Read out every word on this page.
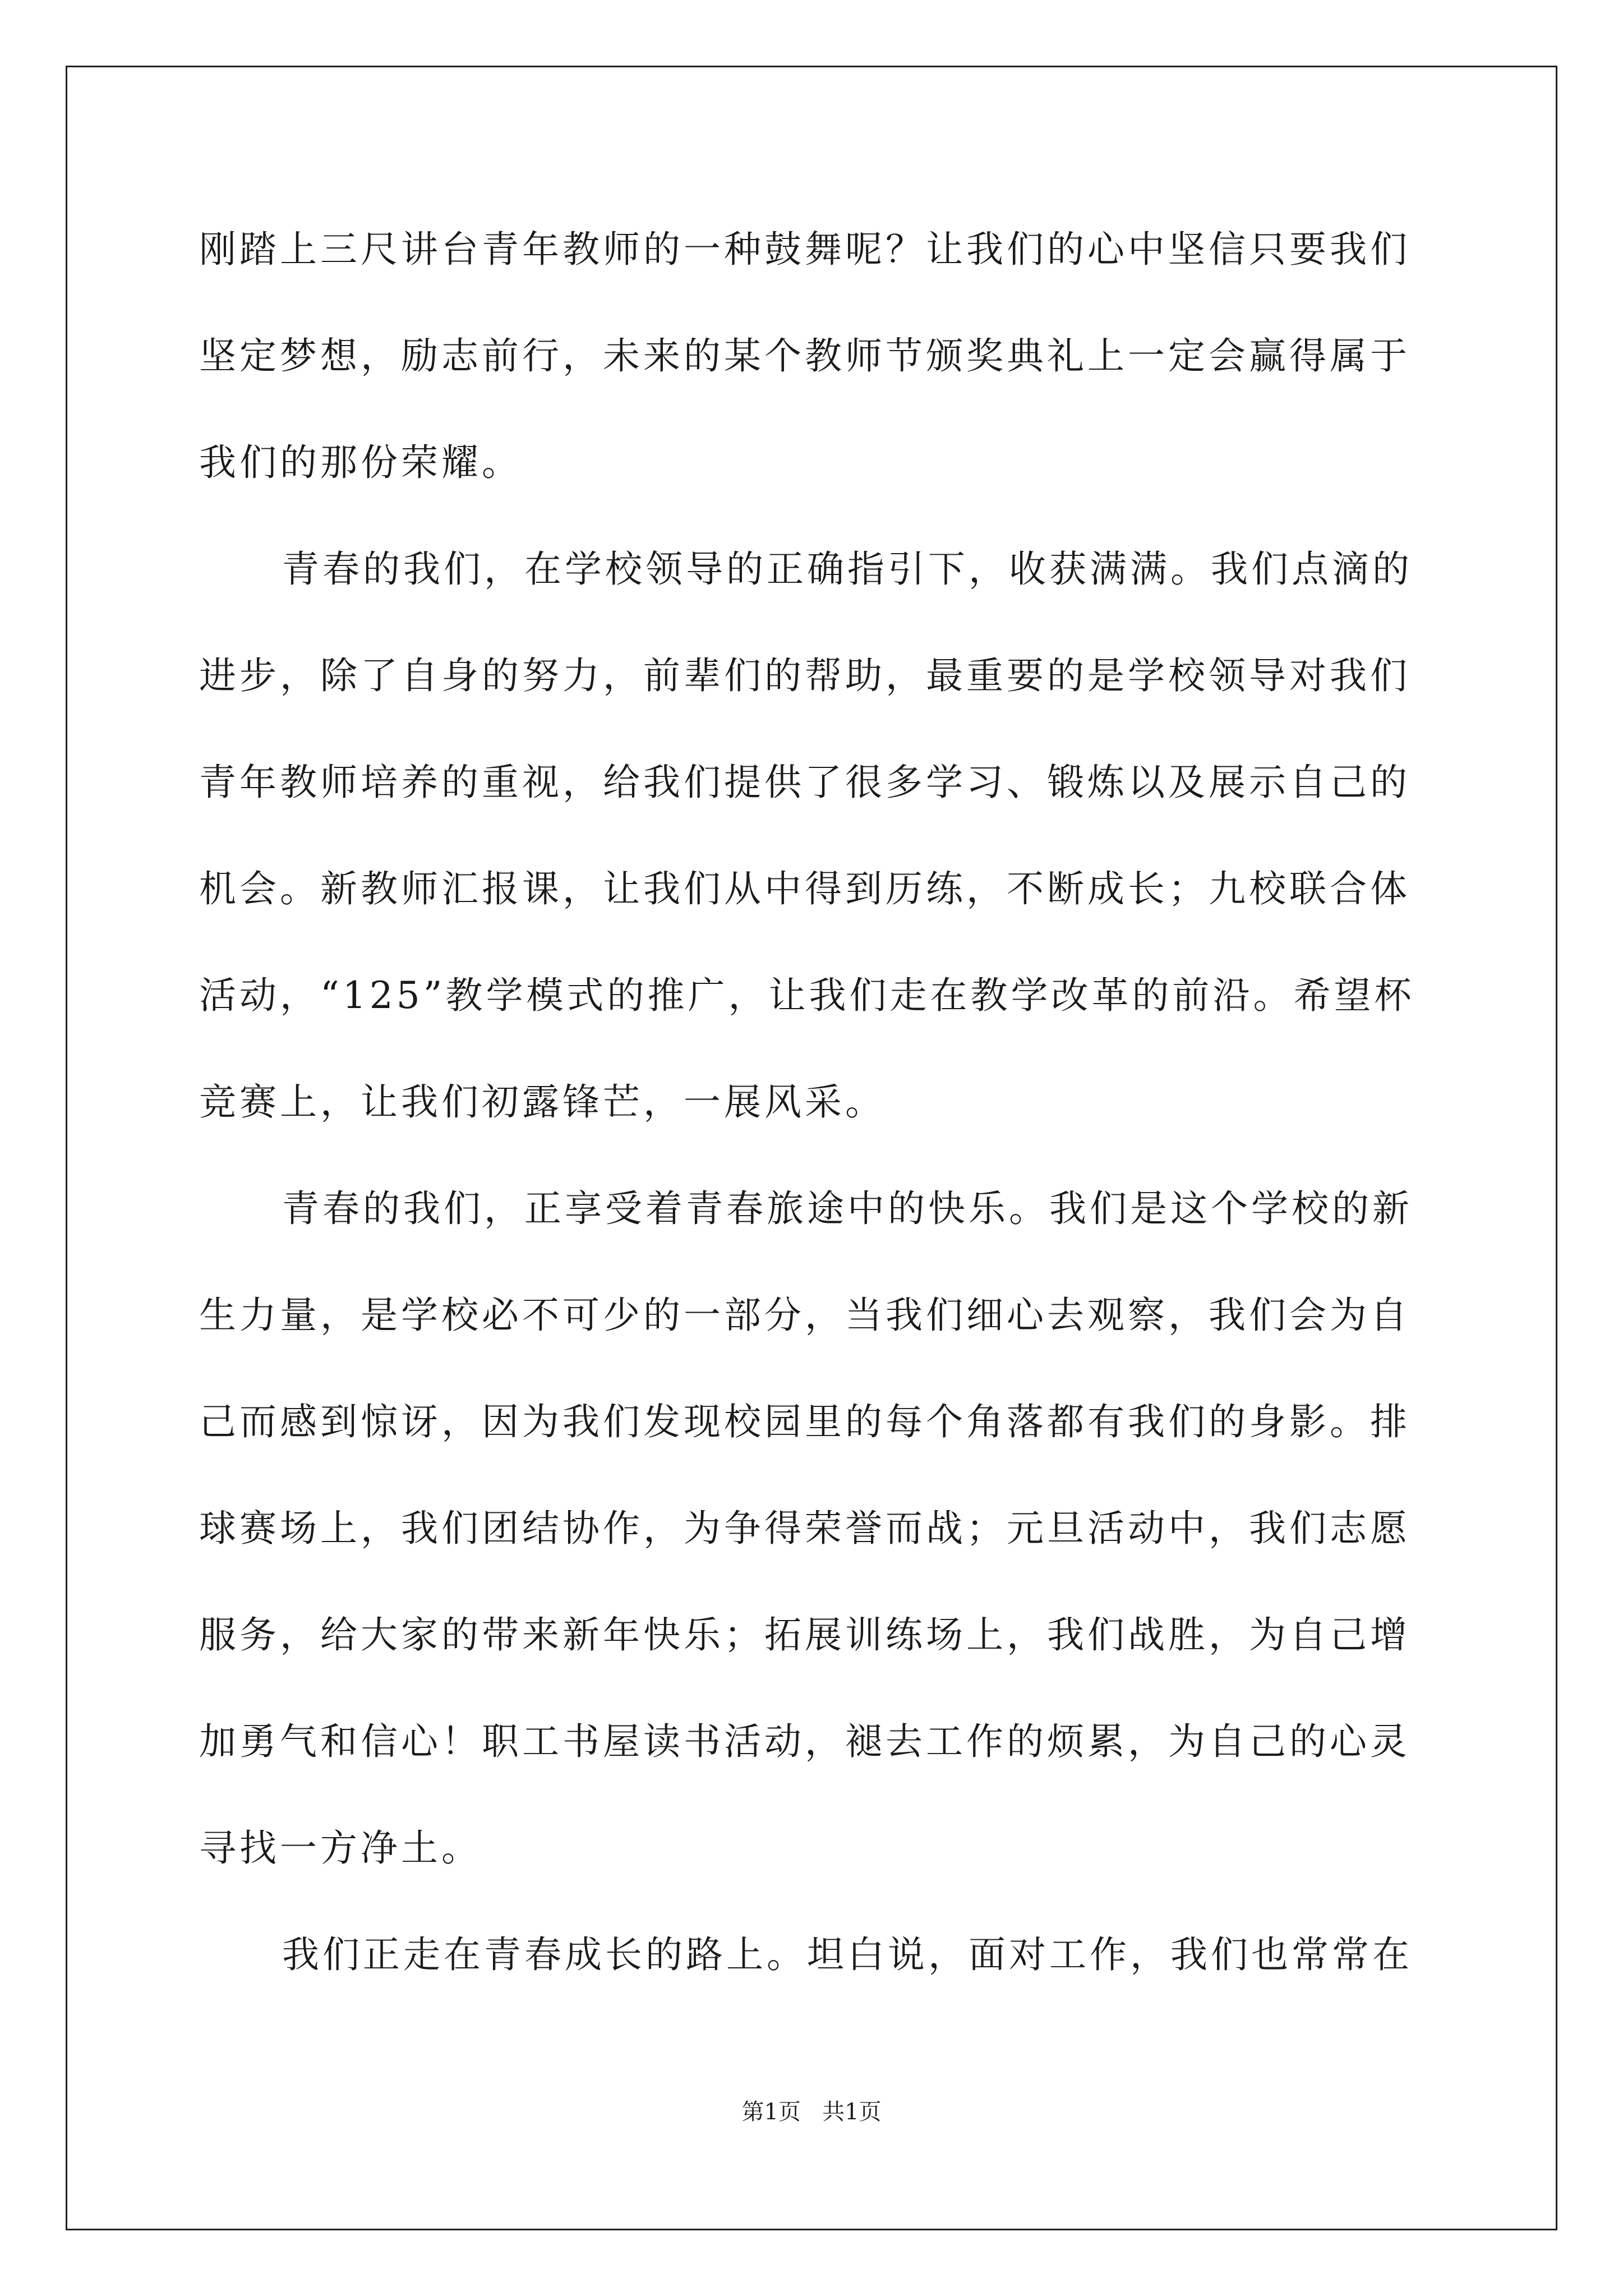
刚踏上三尺讲台青年教师的一种鼓舞呢？让我们的心中坚信只要我们
坚定梦想，励志前行，未来的某个教师节颁奖典礼上一定会赢得属于
我们的那份荣耀。
青春的我们，在学校领导的正确指引下，收获满满。我们点滴的
进步，除了自身的努力，前辈们的帮助，最重要的是学校领导对我们
青年教师培养的重视，给我们提供了很多学习、锻炼以及展示自己的
机会。新教师汇报课，让我们从中得到历练，不断成长；九校联合体
活动，“125”教学模式的推广，让我们走在教学改革的前沿。希望杯
竞赛上，让我们初露锋芒，一展风采。
青春的我们，正享受着青春旅途中的快乐。我们是这个学校的新
生力量，是学校必不可少的一部分，当我们细心去观察，我们会为自
己而感到惊讶，因为我们发现校园里的每个角落都有我们的身影。排
球赛场上，我们团结协作，为争得荣誉而战；元旦活动中，我们志愿
服务，给大家的带来新年快乐；拓展训练场上，我们战胜，为自己增
加勇气和信心！职工书屋读书活动，褪去工作的烦累，为自己的心灵
寻找一方净土。
我们正走在青春成长的路上。坦白说，面对工作，我们也常常在
第1页 共1页
